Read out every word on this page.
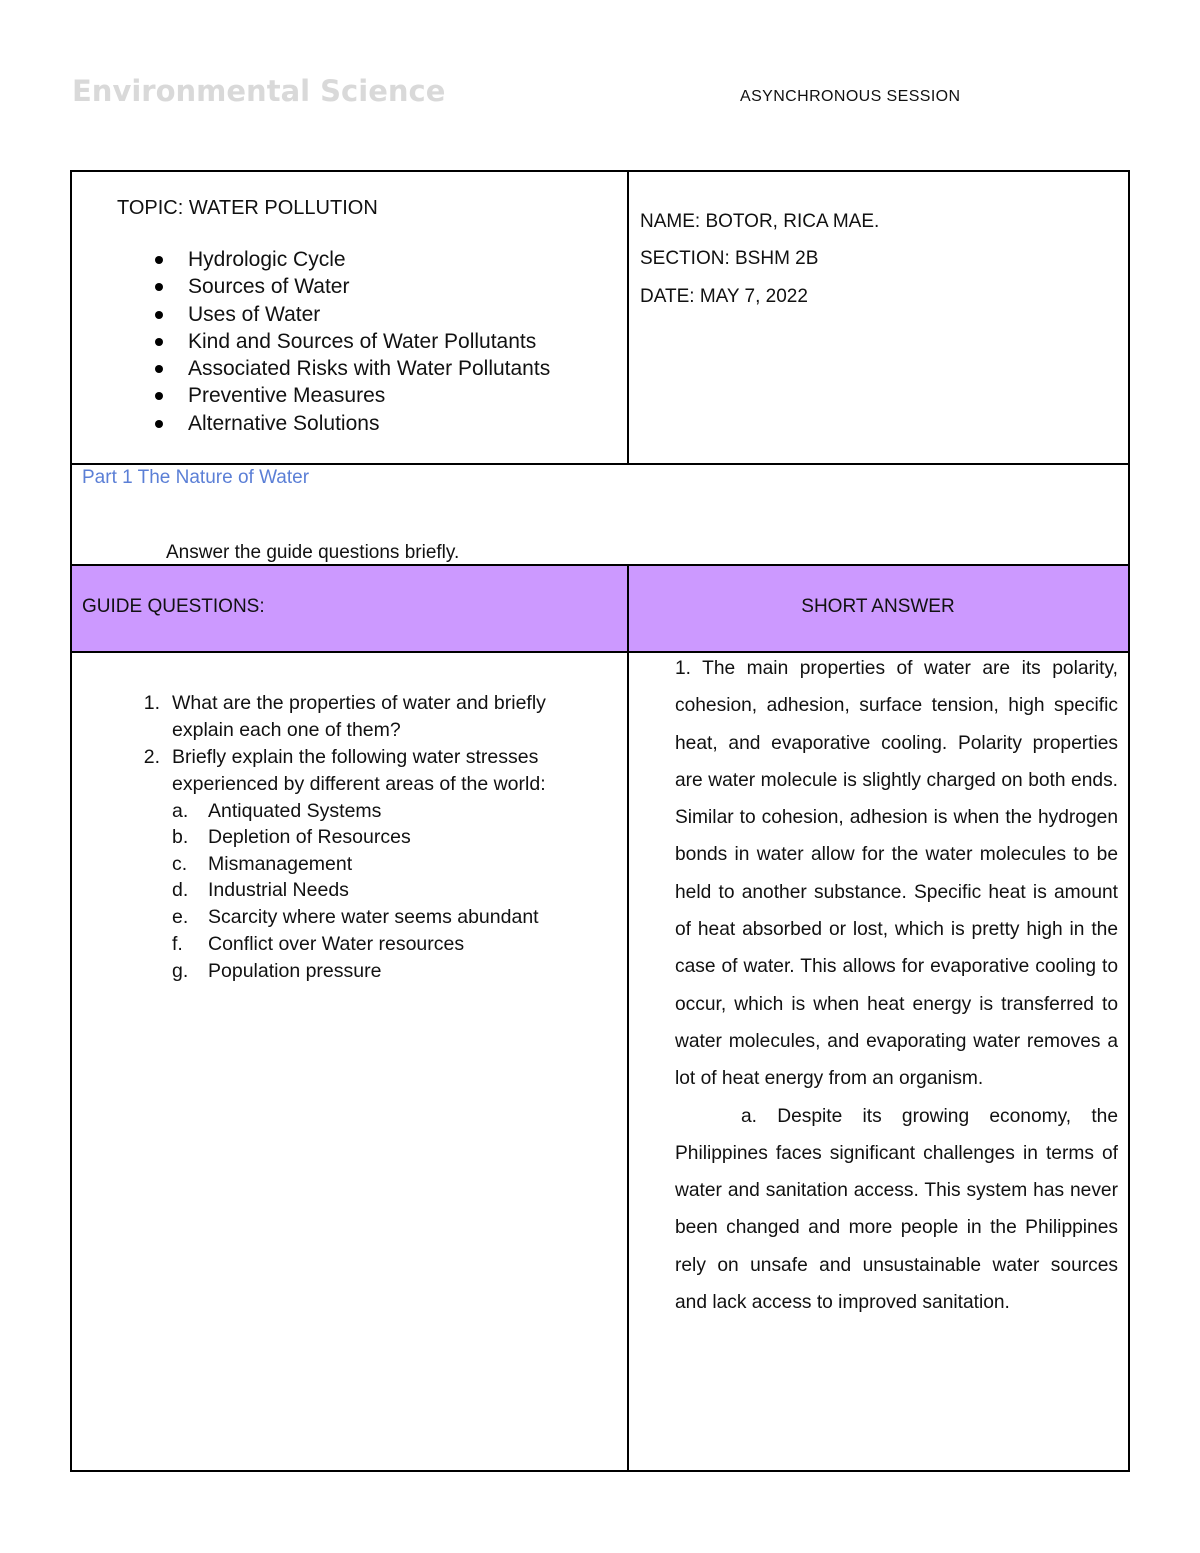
Environmental Science	ASYNCHRONOUS SESSION
TOPIC: WATER POLLUTION
Hydrologic Cycle
Sources of Water
Uses of Water
Kind and Sources of Water Pollutants
Associated Risks with Water Pollutants
Preventive Measures
Alternative Solutions
NAME: BOTOR, RICA MAE.
SECTION: BSHM 2B
DATE: MAY 7, 2022
Part 1 The Nature of Water
Answer the guide questions briefly.
GUIDE QUESTIONS:	SHORT ANSWER
1. What are the properties of water and briefly
explain each one of them?
2. Briefly explain the following water stresses
experienced by different areas of the world:
a. Antiquated Systems
b. Depletion of Resources
c.	Mismanagement
d. Industrial Needs
e. Scarcity where water seems abundant
f.	Conflict over Water resources
g. Population pressure

1. The main properties of water are its polarity, cohesion, adhesion, surface tension, high specific heat, and evaporative cooling. Polarity properties are water molecule is slightly charged on both ends. Similar to cohesion, adhesion is when the hydrogen bonds in water allow for the water molecules to be held to another substance. Specific heat is amount of heat absorbed or lost, which is pretty high in the case of water. This allows for evaporative cooling to occur, which is when heat energy is transferred to water molecules, and evaporating water removes a lot of heat energy from an organism.

a. Despite its growing economy, the Philippines faces significant challenges in terms of water and sanitation access. This system has never been changed and more people in the Philippines rely on unsafe and unsustainable water sources and lack access to improved sanitation.
